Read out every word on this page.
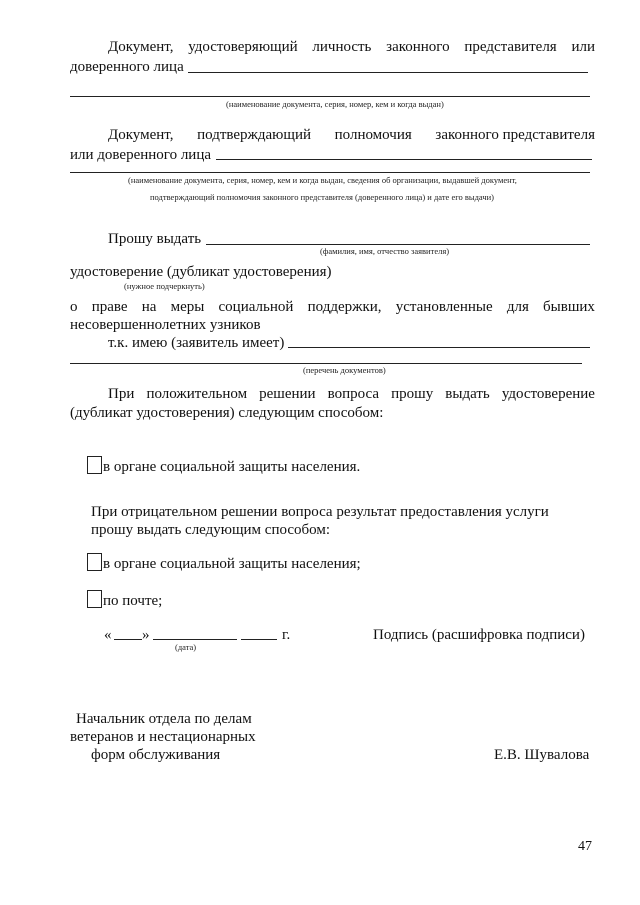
Документ, удостоверяющий личность законного представителя или
доверенного лица
(наименование документа, серия, номер, кем и когда выдан)
Документ, подтверждающий полномочия законного представителя
или доверенного лица
(наименование документа, серия, номер, кем и когда выдан, сведения об организации, выдавшей документ,
подтверждающий полномочия законного представителя (доверенного лица) и дате его выдачи)
Прошу выдать
(фамилия, имя, отчество заявителя)
удостоверение (дубликат удостоверения)
(нужное подчеркнуть)
о праве на меры социальной поддержки, установленные для бывших
несовершеннолетних узников
т.к. имею (заявитель имеет)
(перечень документов)
При положительном решении вопроса прошу выдать удостоверение
(дубликат удостоверения) следующим способом:
в органе социальной защиты населения.
При отрицательном решении вопроса результат предоставления услуги
прошу выдать следующим способом:
в органе социальной защиты населения;
по почте;
« »	г.
(дата)
Подпись (расшифровка подписи)
Начальник отдела по делам
ветеранов и нестационарных
форм обслуживания	Е.В. Шувалова
47
